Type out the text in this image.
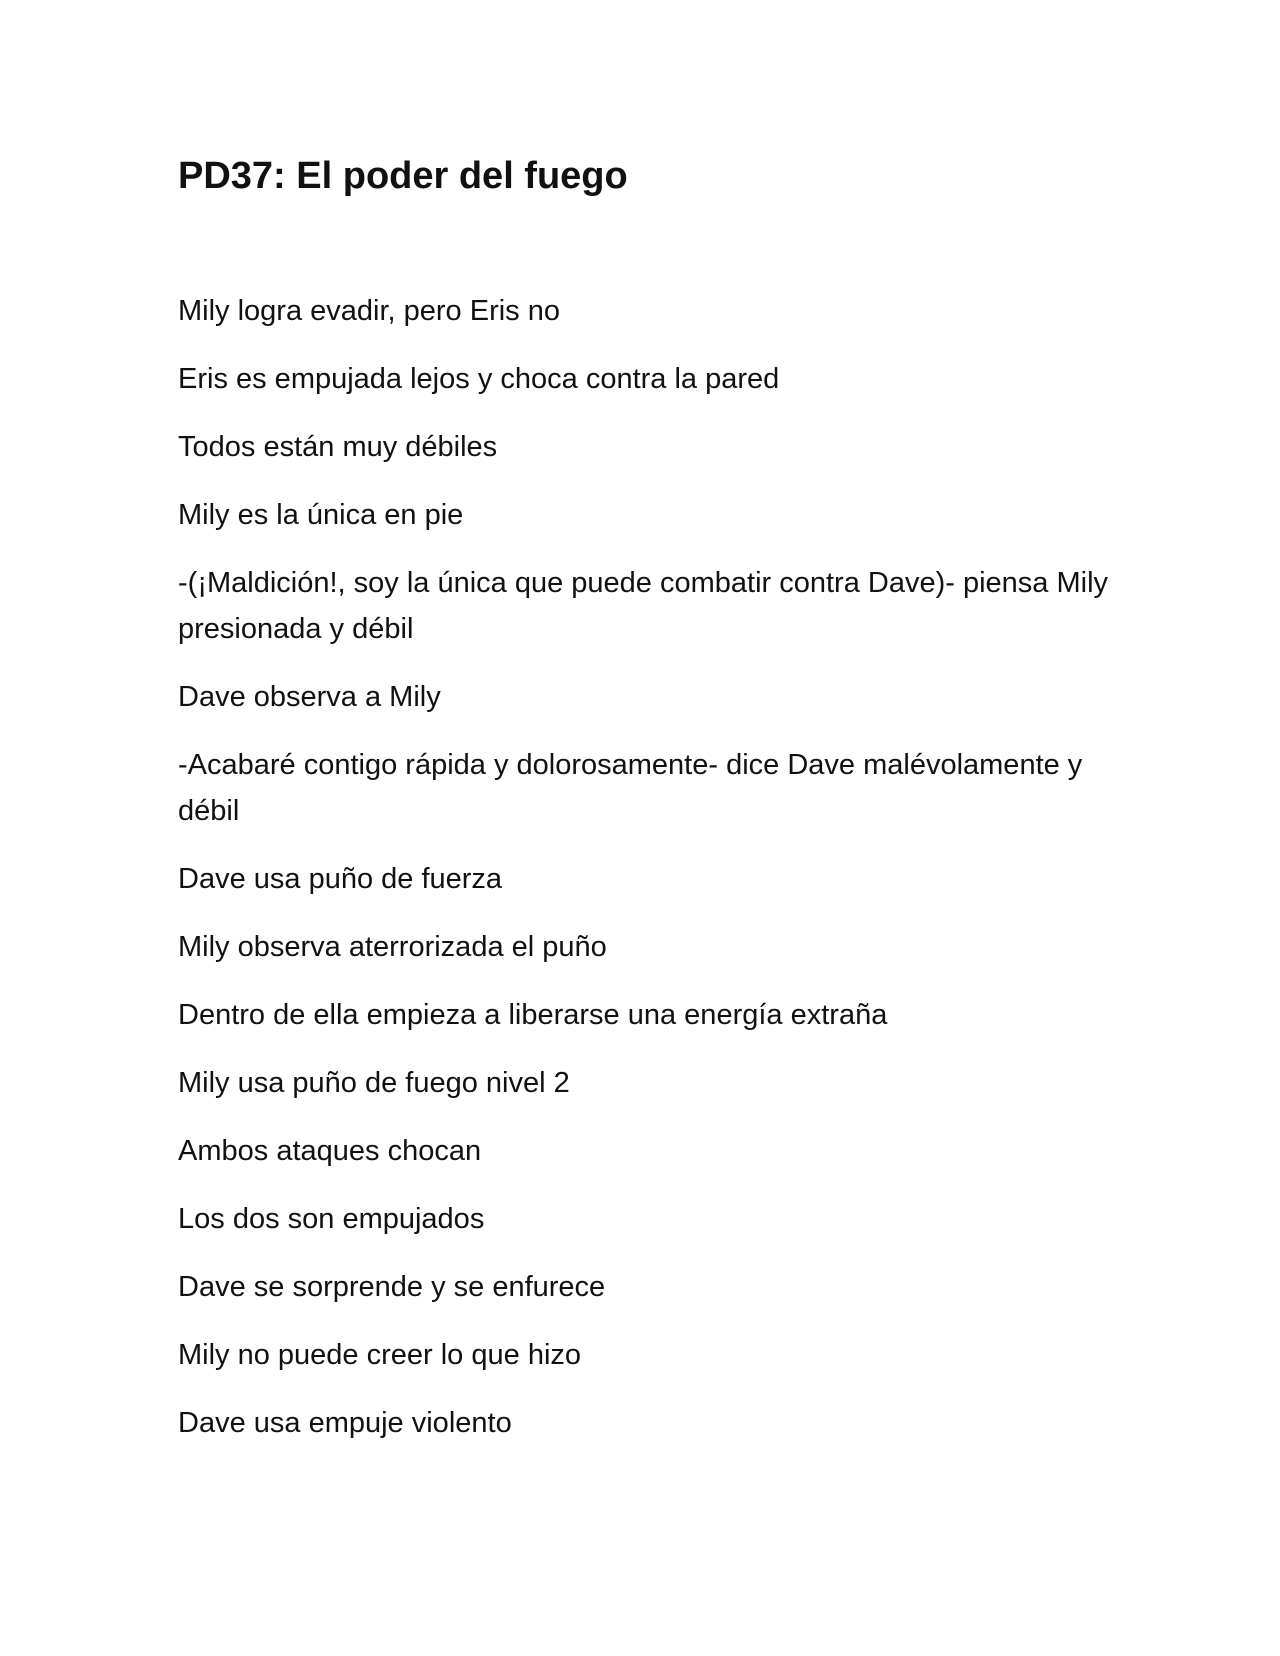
PD37: El poder del fuego

Mily logra evadir, pero Eris no

Eris es empujada lejos y choca contra la pared

Todos están muy débiles

Mily es la única en pie

-(¡Maldición!, soy la única que puede combatir contra Dave)- piensa Mily presionada y débil

Dave observa a Mily

-Acabaré contigo rápida y dolorosamente- dice Dave malévolamente y débil

Dave usa puño de fuerza

Mily observa aterrorizada el puño

Dentro de ella empieza a liberarse una energía extraña

Mily usa puño de fuego nivel 2

Ambos ataques chocan

Los dos son empujados

Dave se sorprende y se enfurece

Mily no puede creer lo que hizo

Dave usa empuje violento
